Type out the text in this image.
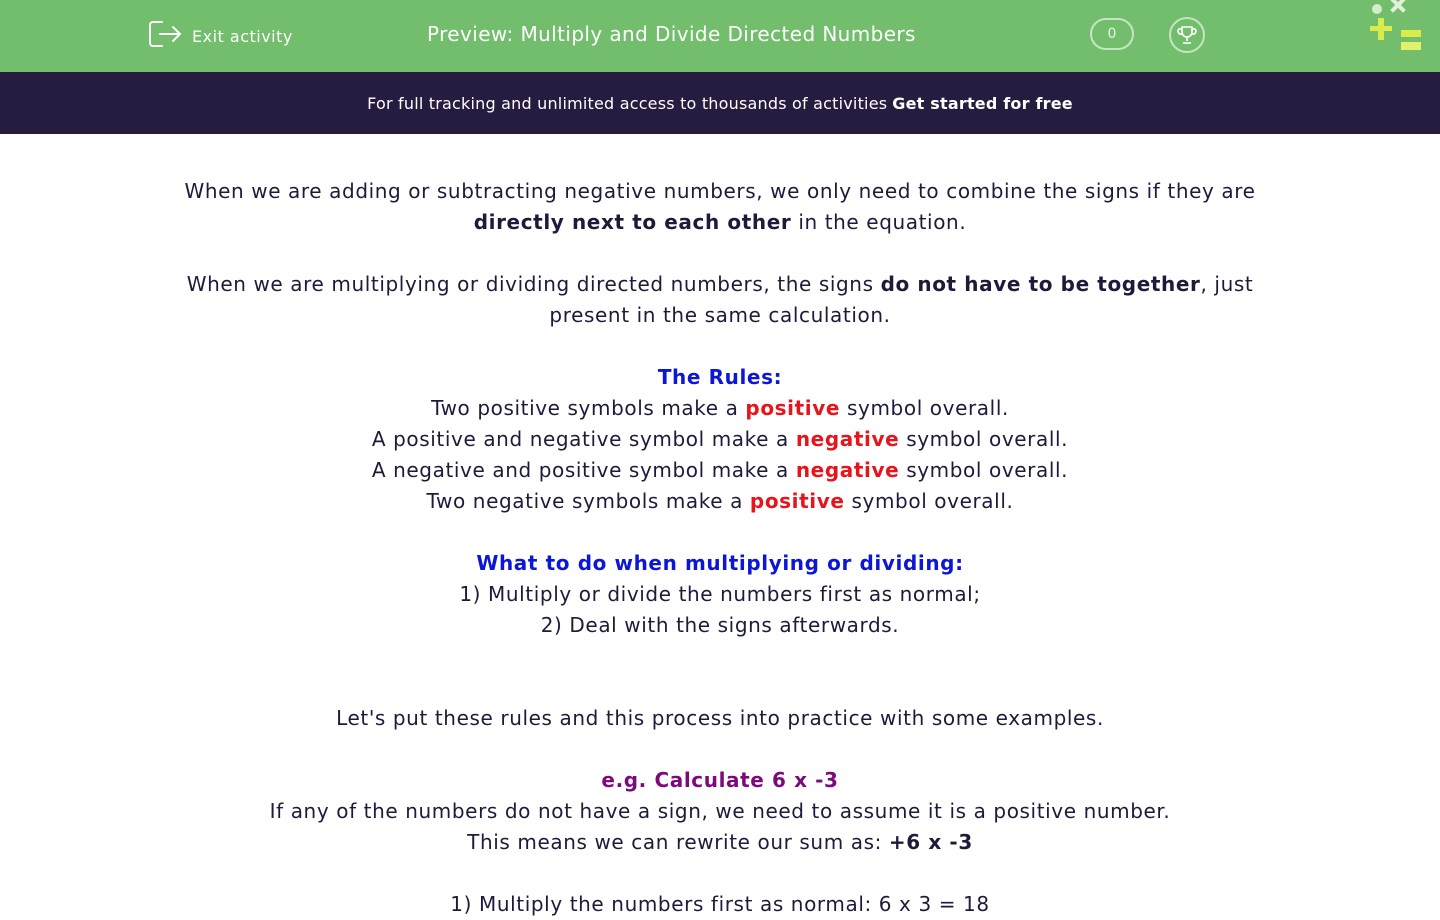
Exit activity	Preview: Multiply and Divide Directed Numbers	0
For full tracking and unlimited access to thousands of activities Get started for free

When we are adding or subtracting negative numbers, we only need to combine the signs if they are directly next to each other in the equation.

When we are multiplying or dividing directed numbers, the signs do not have to be together, just present in the same calculation.

The Rules:

Two positive symbols make a positive symbol overall.

A positive and negative symbol make a negative symbol overall.

A negative and positive symbol make a negative symbol overall.

Two negative symbols make a positive symbol overall.

What to do when multiplying or dividing:

1) Multiply or divide the numbers first as normal;

2) Deal with the signs afterwards.

Let's put these rules and this process into practice with some examples.

e.g. Calculate 6 x -3

If any of the numbers do not have a sign, we need to assume it is a positive number.

This means we can rewrite our sum as: +6 x -3

1) Multiply the numbers first as normal: 6 x 3 = 18
